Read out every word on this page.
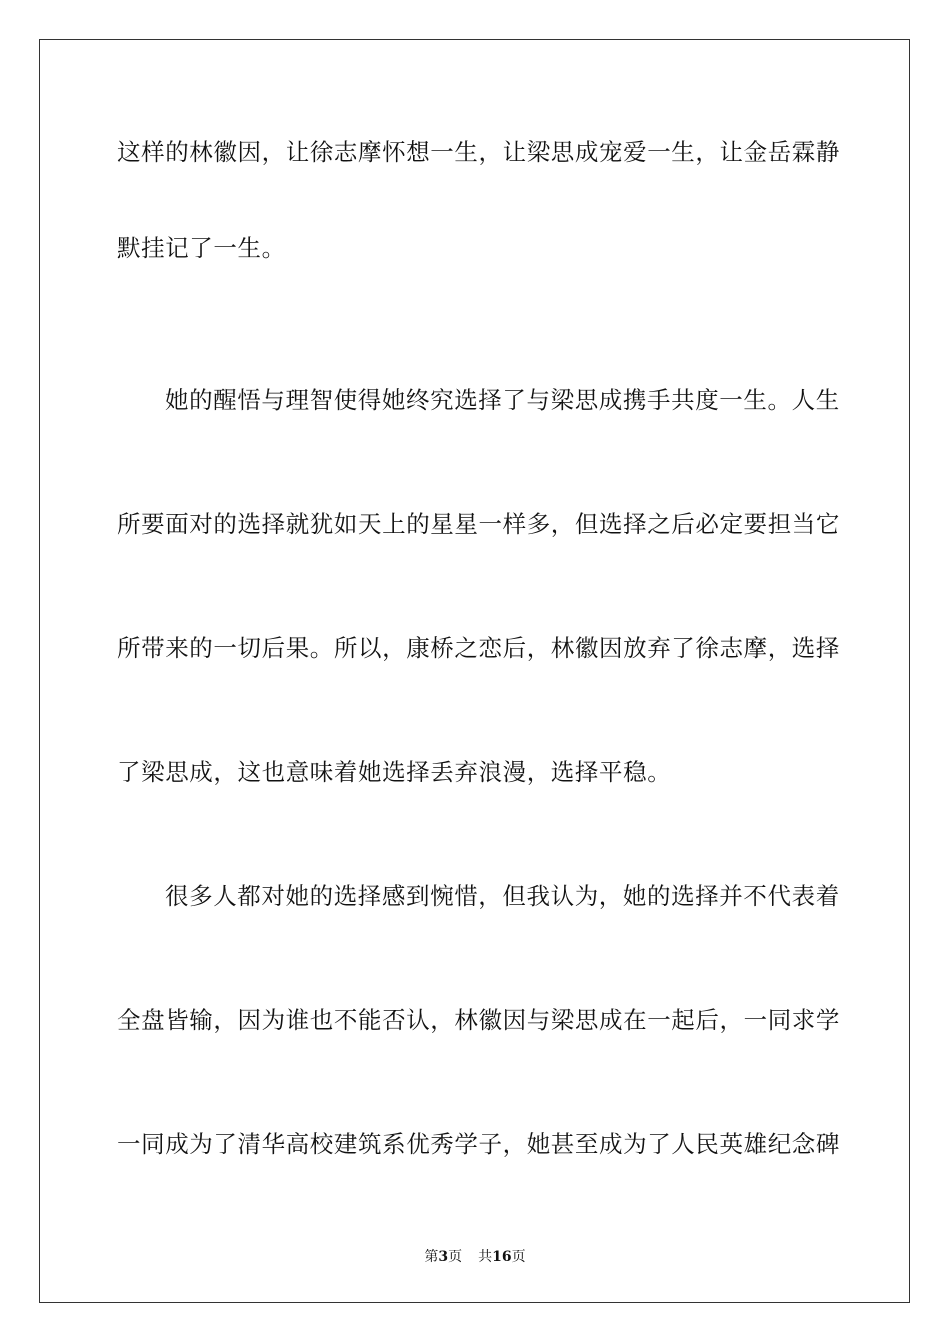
这样的林徽因，让徐志摩怀想一生，让梁思成宠爱一生，让金岳霖静
默挂记了一生。
她的醒悟与理智使得她终究选择了与梁思成携手共度一生。人生
所要面对的选择就犹如天上的星星一样多，但选择之后必定要担当它
所带来的一切后果。所以，康桥之恋后，林徽因放弃了徐志摩，选择
了梁思成，这也意味着她选择丢弃浪漫，选择平稳。
很多人都对她的选择感到惋惜，但我认为，她的选择并不代表着
全盘皆输，因为谁也不能否认，林徽因与梁思成在一起后，一同求学
一同成为了清华高校建筑系优秀学子，她甚至成为了人民英雄纪念碑
第3页 共16页
